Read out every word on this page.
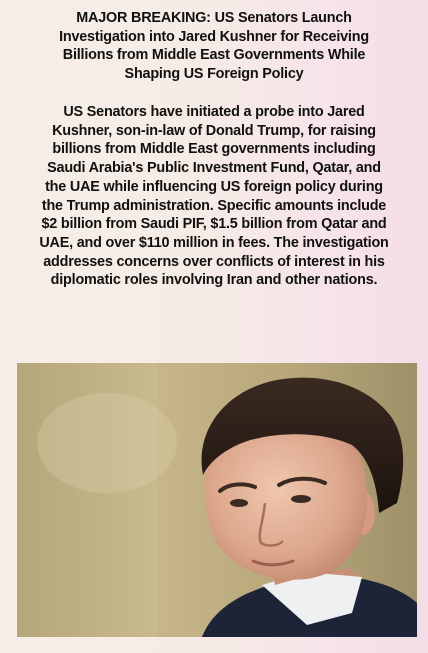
MAJOR BREAKING: US Senators Launch Investigation into Jared Kushner for Receiving Billions from Middle East Governments While Shaping US Foreign Policy

US Senators have initiated a probe into Jared Kushner, son-in-law of Donald Trump, for raising billions from Middle East governments including Saudi Arabia's Public Investment Fund, Qatar, and the UAE while influencing US foreign policy during the Trump administration. Specific amounts include $2 billion from Saudi PIF, $1.5 billion from Qatar and UAE, and over $110 million in fees. The investigation addresses concerns over conflicts of interest in his diplomatic roles involving Iran and other nations.
